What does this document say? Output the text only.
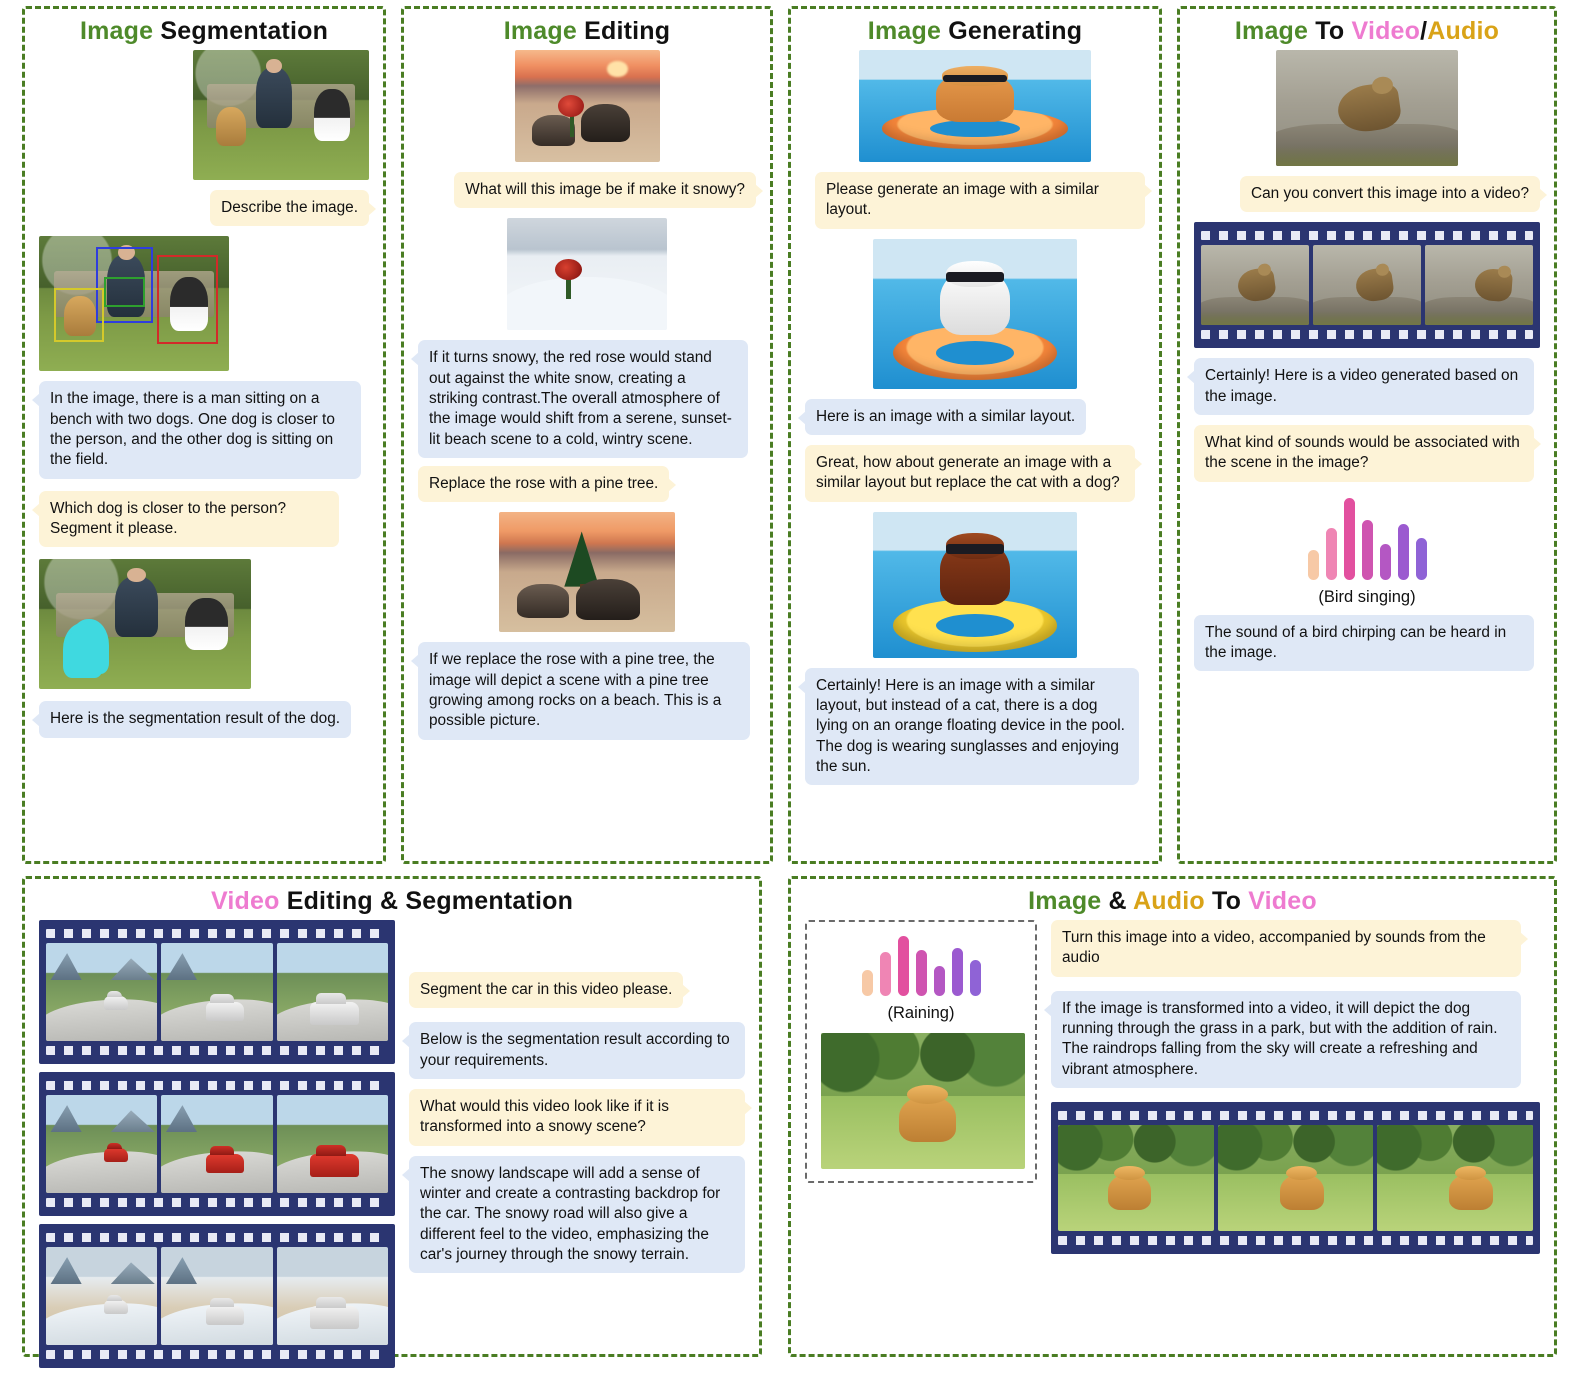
Image Segmentation
Describe the image.
In the image, there is a man sitting on a bench with two dogs. One dog is closer to the person, and the other dog is sitting on the field.
Which dog is closer to the person? Segment it please.
Here is the segmentation result of the dog.
Image Editing
What will this image be if make it snowy?
If it turns snowy, the red rose would stand out against the white snow, creating a striking contrast.The overall atmosphere of the image would shift from a serene, sunset-lit beach scene to a cold, wintry scene.
Replace the rose with a pine tree.
If we replace the rose with a pine tree, the image will depict a scene with a pine tree growing among rocks on a beach. This is a possible picture.
Image Generating
Please generate an image with a similar layout.
Here is an image with a similar layout.
Great, how about generate an image with a similar layout but replace the cat with a dog?
Certainly! Here is an image with a similar layout, but instead of a cat, there is a dog lying on an orange floating device in the pool. The dog is wearing sunglasses and enjoying the sun.
Image To Video/Audio
Can you convert this image into a video?
Certainly! Here is a video generated based on the image.
What kind of sounds would be associated with the scene in the image?
(Bird singing)
The sound of a bird chirping can be heard in the image.
Video Editing & Segmentation
Segment the car in this video please.
Below is the segmentation result according to your requirements.
What would this video look like if it is transformed into a snowy scene?
The snowy landscape will add a sense of winter and create a contrasting backdrop for the car. The snowy road will also give a different feel to the video, emphasizing the car's journey through the snowy terrain.
Image & Audio To Video
(Raining)
Turn this image into a video, accompanied by sounds from the audio
If the image is transformed into a video, it will depict the dog running through the grass in a park, but with the addition of rain. The raindrops falling from the sky will create a refreshing and vibrant atmosphere.
